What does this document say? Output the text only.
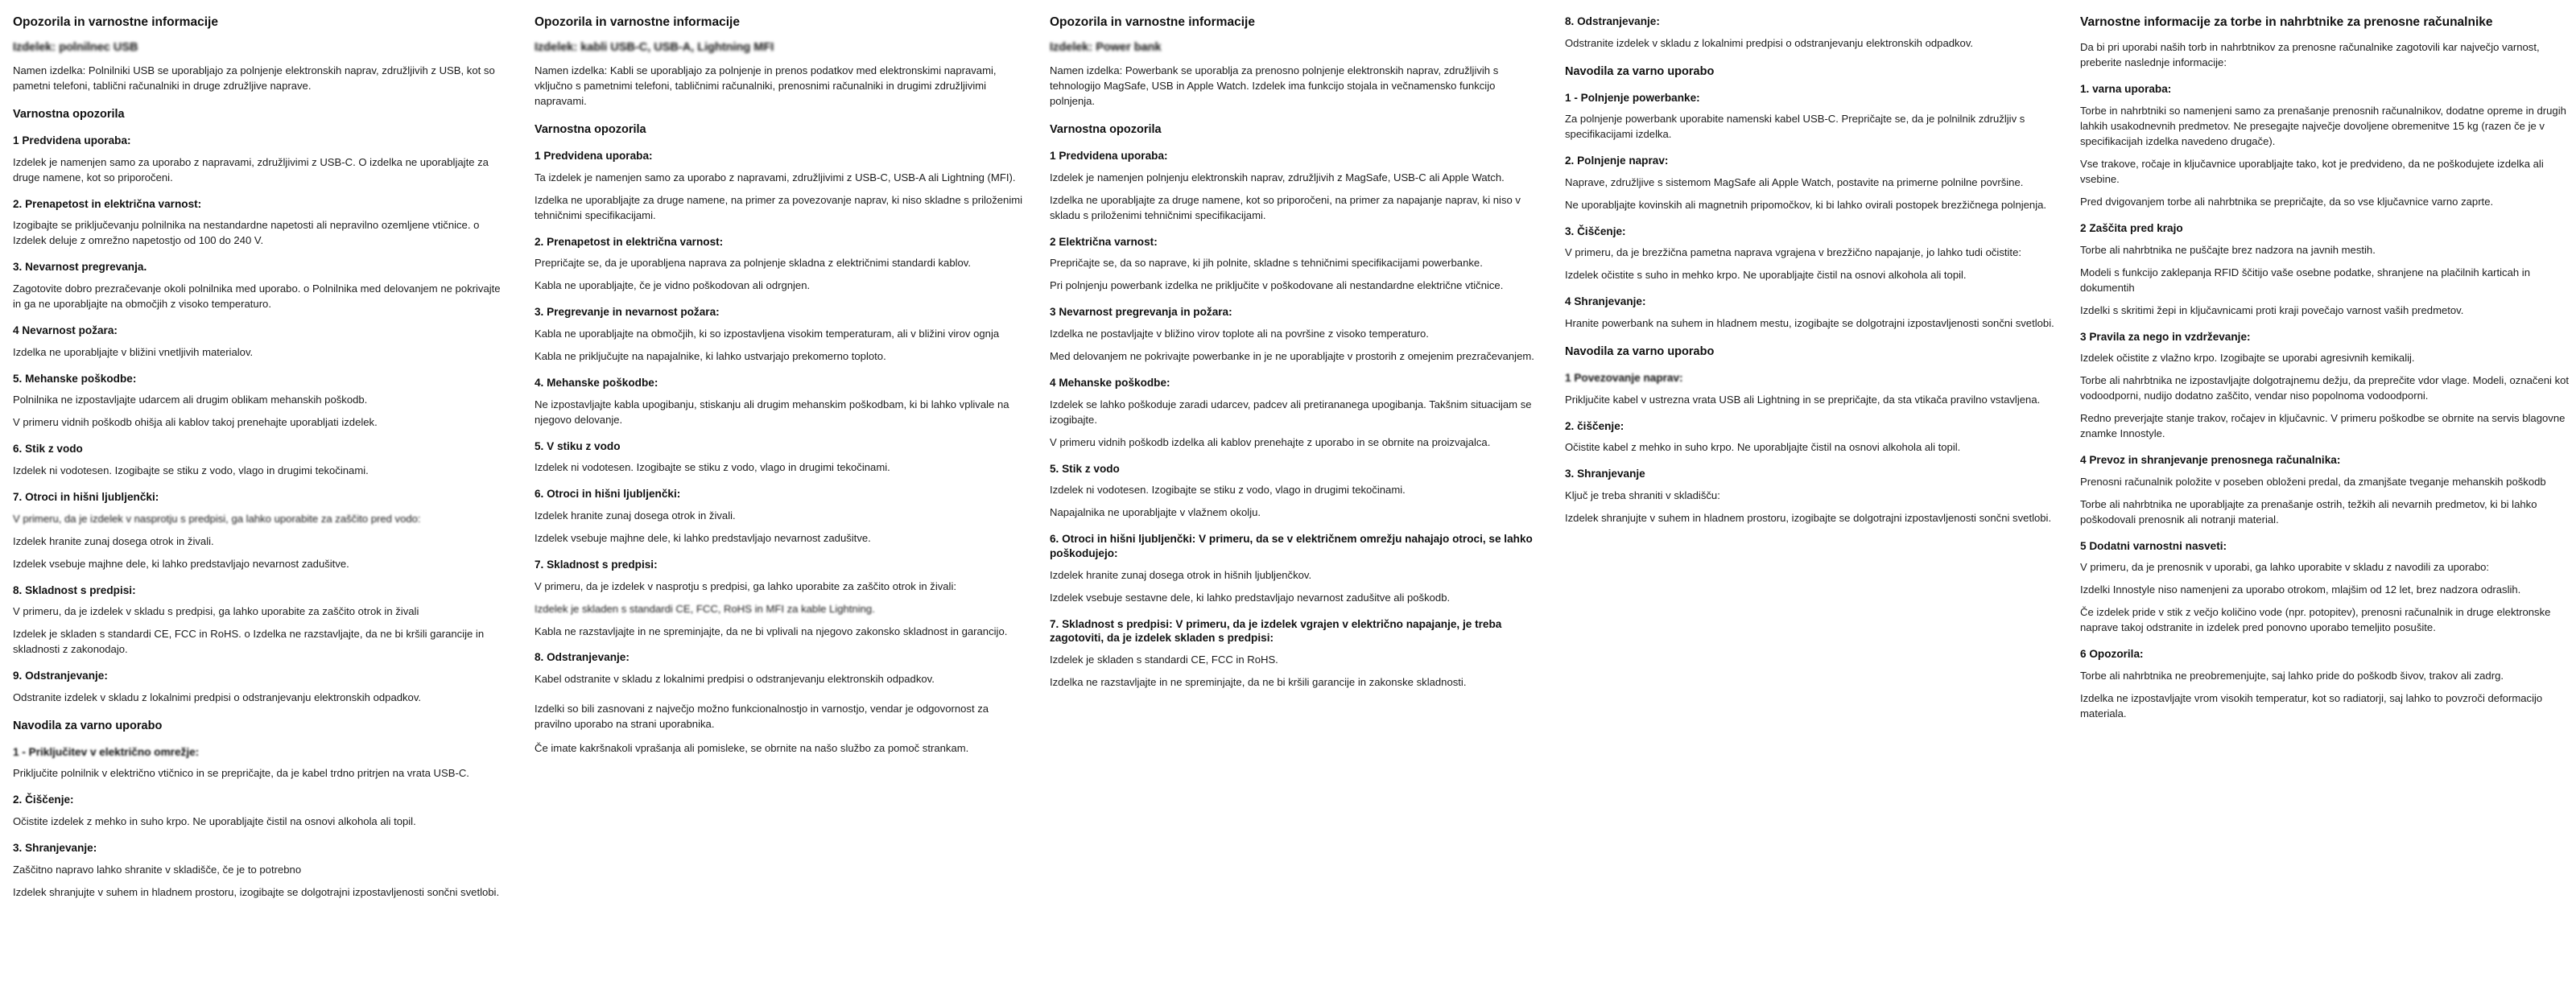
Opozorila in varnostne informacije
Izdelek: polnilnec USB

Namen izdelka: Polnilniki USB se uporabljajo za polnjenje elektronskih naprav, združljivih z USB, kot so pametni telefoni, tablični računalniki in druge združljive naprave.

Varnostna opozorila
1 Predvidena uporaba:

Izdelek je namenjen samo za uporabo z napravami, združljivimi z USB-C. O izdelka ne uporabljajte za druge namene, kot so priporočeni.

2. Prenapetost in električna varnost:

Izogibajte se priključevanju polnilnika na nestandardne napetosti ali nepravilno ozemljene vtičnice. o Izdelek deluje z omrežno napetostjo od 100 do 240 V.

3. Nevarnost pregrevanja.

Zagotovite dobro prezračevanje okoli polnilnika med uporabo. o Polnilnika med delovanjem ne pokrivajte in ga ne uporabljajte na območjih z visoko temperaturo.

4 Nevarnost požara:

Izdelka ne uporabljajte v bližini vnetljivih materialov.

5. Mehanske poškodbe:

Polnilnika ne izpostavljajte udarcem ali drugim oblikam mehanskih poškodb.

V primeru vidnih poškodb ohišja ali kablov takoj prenehajte uporabljati izdelek.

6. Stik z vodo

Izdelek ni vodotesen. Izogibajte se stiku z vodo, vlago in drugimi tekočinami.

7. Otroci in hišni ljubljenčki:

V primeru, da je izdelek v nasprotju s predpisi, ga lahko uporabite za zaščito pred vodo:

Izdelek hranite zunaj dosega otrok in živali.

Izdelek vsebuje majhne dele, ki lahko predstavljajo nevarnost zadušitve.

8. Skladnost s predpisi:

V primeru, da je izdelek v skladu s predpisi, ga lahko uporabite za zaščito otrok in živali

Izdelek je skladen s standardi CE, FCC in RoHS. o Izdelka ne razstavljajte, da ne bi kršili garancije in skladnosti z zakonodajo.

9. Odstranjevanje:

Odstranite izdelek v skladu z lokalnimi predpisi o odstranjevanju elektronskih odpadkov.

Navodila za varno uporabo
1 - Priključitev v električno omrežje:

Priključite polnilnik v električno vtičnico in se prepričajte, da je kabel trdno pritrjen na vrata USB-C.

2. Čiščenje:

Očistite izdelek z mehko in suho krpo. Ne uporabljajte čistil na osnovi alkohola ali topil.

3. Shranjevanje:

Zaščitno napravo lahko shranite v skladišče, če je to potrebno

Izdelek shranjujte v suhem in hladnem prostoru, izogibajte se dolgotrajni izpostavljenosti sončni svetlobi.

Opozorila in varnostne informacije
Izdelek: kabli USB-C, USB-A, Lightning MFI

Namen izdelka: Kabli se uporabljajo za polnjenje in prenos podatkov med elektronskimi napravami, vključno s pametnimi telefoni, tabličnimi računalniki, prenosnimi računalniki in drugimi združljivimi napravami.

Varnostna opozorila
1 Predvidena uporaba:

Ta izdelek je namenjen samo za uporabo z napravami, združljivimi z USB-C, USB-A ali Lightning (MFI).

Izdelka ne uporabljajte za druge namene, na primer za povezovanje naprav, ki niso skladne s priloženimi tehničnimi specifikacijami.

2. Prenapetost in električna varnost:

Prepričajte se, da je uporabljena naprava za polnjenje skladna z električnimi standardi kablov.

Kabla ne uporabljajte, če je vidno poškodovan ali odrgnjen.

3. Pregrevanje in nevarnost požara:

Kabla ne uporabljajte na območjih, ki so izpostavljena visokim temperaturam, ali v bližini virov ognja

Kabla ne priključujte na napajalnike, ki lahko ustvarjajo prekomerno toploto.

4. Mehanske poškodbe:

Ne izpostavljajte kabla upogibanju, stiskanju ali drugim mehanskim poškodbam, ki bi lahko vplivale na njegovo delovanje.

5. V stiku z vodo

Izdelek ni vodotesen. Izogibajte se stiku z vodo, vlago in drugimi tekočinami.

6. Otroci in hišni ljubljenčki:

Izdelek hranite zunaj dosega otrok in živali.

Izdelek vsebuje majhne dele, ki lahko predstavljajo nevarnost zadušitve.

7. Skladnost s predpisi:

V primeru, da je izdelek v nasprotju s predpisi, ga lahko uporabite za zaščito otrok in živali:

Izdelek je skladen s standardi CE, FCC, RoHS in MFI za kable Lightning.

Kabla ne razstavljajte in ne spreminjajte, da ne bi vplivali na njegovo zakonsko skladnost in garancijo.

8. Odstranjevanje:

Kabel odstranite v skladu z lokalnimi predpisi o odstranjevanju elektronskih odpadkov.

Izdelki so bili zasnovani z največjo možno funkcionalnostjo in varnostjo, vendar je odgovornost za pravilno uporabo na strani uporabnika.

Če imate kakršnakoli vprašanja ali pomisleke, se obrnite na našo službo za pomoč strankam.

Opozorila in varnostne informacije
Izdelek: Power bank

Namen izdelka: Powerbank se uporablja za prenosno polnjenje elektronskih naprav, združljivih s tehnologijo MagSafe, USB in Apple Watch. Izdelek ima funkcijo stojala in večnamensko funkcijo polnjenja.

Varnostna opozorila
1 Predvidena uporaba:

Izdelek je namenjen polnjenju elektronskih naprav, združljivih z MagSafe, USB-C ali Apple Watch.

Izdelka ne uporabljajte za druge namene, kot so priporočeni, na primer za napajanje naprav, ki niso v skladu s priloženimi tehničnimi specifikacijami.

2 Električna varnost:

Prepričajte se, da so naprave, ki jih polnite, skladne s tehničnimi specifikacijami powerbanke.

Pri polnjenju powerbank izdelka ne priključite v poškodovane ali nestandardne električne vtičnice.

3 Nevarnost pregrevanja in požara:

Izdelka ne postavljajte v bližino virov toplote ali na površine z visoko temperaturo.

Med delovanjem ne pokrivajte powerbanke in je ne uporabljajte v prostorih z omejenim prezračevanjem.

4 Mehanske poškodbe:

Izdelek se lahko poškoduje zaradi udarcev, padcev ali pretirananega upogibanja. Takšnim situacijam se izogibajte.

V primeru vidnih poškodb izdelka ali kablov prenehajte z uporabo in se obrnite na proizvajalca.

5. Stik z vodo

Izdelek ni vodotesen. Izogibajte se stiku z vodo, vlago in drugimi tekočinami.

Napajalnika ne uporabljajte v vlažnem okolju.

6. Otroci in hišni ljubljenčki: V primeru, da se v električnem omrežju nahajajo otroci, se lahko poškodujejo:

Izdelek hranite zunaj dosega otrok in hišnih ljubljenčkov.

Izdelek vsebuje sestavne dele, ki lahko predstavljajo nevarnost zadušitve ali poškodb.

7. Skladnost s predpisi: V primeru, da je izdelek vgrajen v električno napajanje, je treba zagotoviti, da je izdelek skladen s predpisi:

Izdelek je skladen s standardi CE, FCC in RoHS.

Izdelka ne razstavljajte in ne spreminjajte, da ne bi kršili garancije in zakonske skladnosti.

8. Odstranjevanje:

Odstranite izdelek v skladu z lokalnimi predpisi o odstranjevanju elektronskih odpadkov.

Navodila za varno uporabo
1 - Polnjenje powerbanke:

Za polnjenje powerbank uporabite namenski kabel USB-C. Prepričajte se, da je polnilnik združljiv s specifikacijami izdelka.

2. Polnjenje naprav:

Naprave, združljive s sistemom MagSafe ali Apple Watch, postavite na primerne polnilne površine.

Ne uporabljajte kovinskih ali magnetnih pripomočkov, ki bi lahko ovirali postopek brezžičnega polnjenja.

3. Čiščenje:

V primeru, da je brezžična pametna naprava vgrajena v brezžično napajanje, jo lahko tudi očistite:

Izdelek očistite s suho in mehko krpo. Ne uporabljajte čistil na osnovi alkohola ali topil.

4 Shranjevanje:

Hranite powerbank na suhem in hladnem mestu, izogibajte se dolgotrajni izpostavljenosti sončni svetlobi.

Navodila za varno uporabo
1 Povezovanje naprav:

Priključite kabel v ustrezna vrata USB ali Lightning in se prepričajte, da sta vtikača pravilno vstavljena.

2. čiščenje:

Očistite kabel z mehko in suho krpo. Ne uporabljajte čistil na osnovi alkohola ali topil.

3. Shranjevanje

Ključ je treba shraniti v skladišču:

Izdelek shranjujte v suhem in hladnem prostoru, izogibajte se dolgotrajni izpostavljenosti sončni svetlobi.

Varnostne informacije za torbe in nahrbtnike za prenosne računalnike

Da bi pri uporabi naših torb in nahrbtnikov za prenosne računalnike zagotovili kar največjo varnost, preberite naslednje informacije:

1. varna uporaba:

Torbe in nahrbtniki so namenjeni samo za prenašanje prenosnih računalnikov, dodatne opreme in drugih lahkih usakodnevnih predmetov. Ne presegajte največje dovoljene obremenitve 15 kg (razen če je v specifikacijah izdelka navedeno drugače).

Vse trakove, ročaje in ključavnice uporabljajte tako, kot je predvideno, da ne poškodujete izdelka ali vsebine.

Pred dvigovanjem torbe ali nahrbtnika se prepričajte, da so vse ključavnice varno zaprte.

2 Zaščita pred krajo

Torbe ali nahrbtnika ne puščajte brez nadzora na javnih mestih.

Modeli s funkcijo zaklepanja RFID ščitijo vaše osebne podatke, shranjene na plačilnih karticah in dokumentih

Izdelki s skritimi žepi in ključavnicami proti kraji povečajo varnost vaših predmetov.

3 Pravila za nego in vzdrževanje:

Izdelek očistite z vlažno krpo. Izogibajte se uporabi agresivnih kemikalij.

Torbe ali nahrbtnika ne izpostavljajte dolgotrajnemu dežju, da preprečite vdor vlage. Modeli, označeni kot vodoodporni, nudijo dodatno zaščito, vendar niso popolnoma vodoodporni.

Redno preverjajte stanje trakov, ročajev in ključavnic. V primeru poškodbe se obrnite na servis blagovne znamke Innostyle.

4 Prevoz in shranjevanje prenosnega računalnika:

Prenosni računalnik položite v poseben obloženi predal, da zmanjšate tveganje mehanskih poškodb

Torbe ali nahrbtnika ne uporabljajte za prenašanje ostrih, težkih ali nevarnih predmetov, ki bi lahko poškodovali prenosnik ali notranji material.

5 Dodatni varnostni nasveti:

V primeru, da je prenosnik v uporabi, ga lahko uporabite v skladu z navodili za uporabo:

Izdelki Innostyle niso namenjeni za uporabo otrokom, mlajšim od 12 let, brez nadzora odraslih.

Če izdelek pride v stik z večjo količino vode (npr. potopitev), prenosni računalnik in druge elektronske naprave takoj odstranite in izdelek pred ponovno uporabo temeljito posušite.

6 Opozorila:

Torbe ali nahrbtnika ne preobremenjujte, saj lahko pride do poškodb šivov, trakov ali zadrg.

Izdelka ne izpostavljajte vrom visokih temperatur, kot so radiatorji, saj lahko to povzroči deformacijo materiala.
